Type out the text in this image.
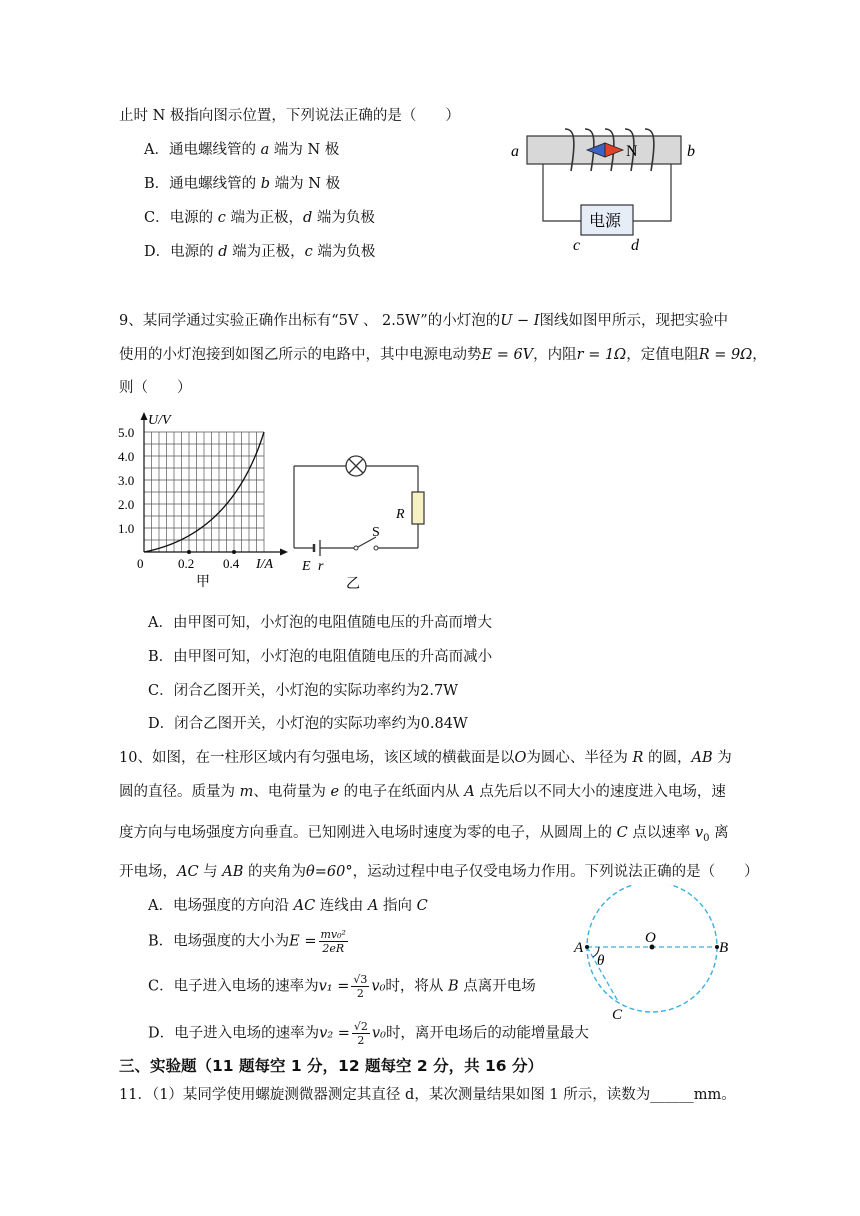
止时 N 极指向图示位置，下列说法正确的是（　　）
A．通电螺线管的 a 端为 N 极
B．通电螺线管的 b 端为 N 极
C．电源的 c 端为正极，d 端为负极
D．电源的 d 端为正极，c 端为负极
N
a	b
电源
c	d
9、某同学通过实验正确作出标有“5V 、 2.5W”的小灯泡的U − I图线如图甲所示，现把实验中
使用的小灯泡接到如图乙所示的电路中，其中电源电动势E = 6V，内阻r = 1Ω，定值电阻R = 9Ω，
则（　　）
U/V
1.0
2.0
3.0
4.0
5.0
0	0.2 0.4 I/A
甲
R
S
E r
乙
A．由甲图可知，小灯泡的电阻值随电压的升高而增大
B．由甲图可知，小灯泡的电阻值随电压的升高而减小
C．闭合乙图开关，小灯泡的实际功率约为2.7W
D．闭合乙图开关，小灯泡的实际功率约为0.84W
10、如图，在一柱形区域内有匀强电场，该区域的横截面是以O为圆心、半径为 R 的圆，AB 为
圆的直径。质量为 m、电荷量为 e 的电子在纸面内从 A 点先后以不同大小的速度进入电场，速
度方向与电场强度方向垂直。已知刚进入电场时速度为零的电子，从圆周上的 C 点以速率 $v_0$ 离
开电场，AC 与 AB 的夹角为θ=60°，运动过程中电子仅受电场力作用。下列说法正确的是（　　）
A．电场强度的方向沿 AC 连线由 A 指向 C
B．电场强度的大小为$E = \frac{\text{mv₀²}}{2eR}$
C．电子进入电场的速率为$v_1 = \frac{√3}{2} v_0$时，将从 B 点离开电场
D．电子进入电场的速率为$v_2 = \frac{√2}{2} v_0$时，离开电场后的动能增量最大
O
A	B
θ
C
三、实验题（11 题每空 1 分，12 题每空 2 分，共 16 分）
11．（1）某同学使用螺旋测微器测定其直径 d，某次测量结果如图 1 所示，读数为______mm。
